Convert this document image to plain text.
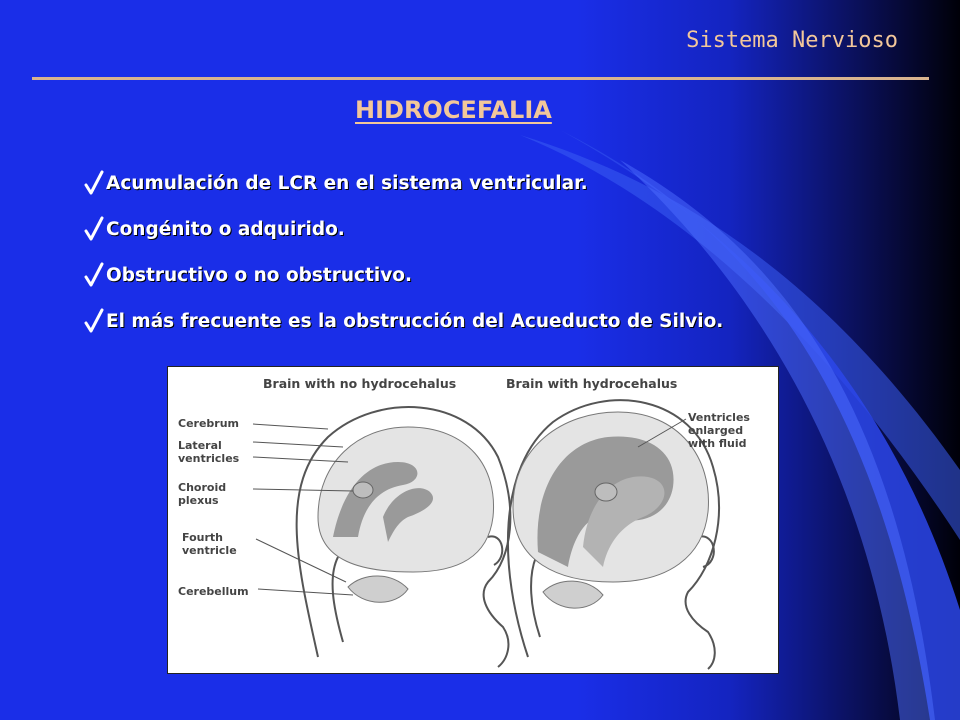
Sistema Nervioso
HIDROCEFALIA
Acumulación de LCR en el sistema ventricular.
Congénito o adquirido.
Obstructivo o no obstructivo.
El más frecuente es la obstrucción del Acueducto de Silvio.
Brain with no hydrocehalus	Brain with hydrocehalus
Cerebrum
Lateral
ventricles
Choroid
plexus
Fourth
ventricle
Cerebellum
Ventricles
enlarged
with fluid
